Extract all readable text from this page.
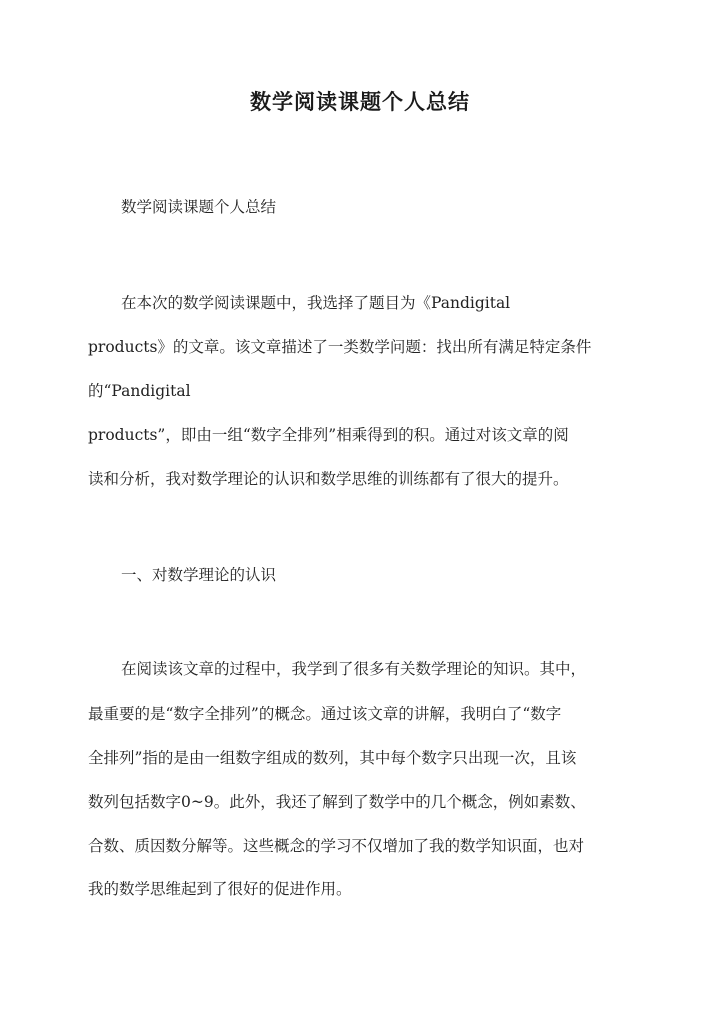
数学阅读课题个人总结
数学阅读课题个人总结
在本次的数学阅读课题中，我选择了题目为《Pandigital
products》的文章。该文章描述了一类数学问题：找出所有满足特定条件
的“Pandigital
products”，即由一组“数字全排列”相乘得到的积。通过对该文章的阅
读和分析，我对数学理论的认识和数学思维的训练都有了很大的提升。
一、对数学理论的认识
在阅读该文章的过程中，我学到了很多有关数学理论的知识。其中，
最重要的是“数字全排列”的概念。通过该文章的讲解，我明白了“数字
全排列”指的是由一组数字组成的数列，其中每个数字只出现一次，且该
数列包括数字0~9。此外，我还了解到了数学中的几个概念，例如素数、
合数、质因数分解等。这些概念的学习不仅增加了我的数学知识面，也对
我的数学思维起到了很好的促进作用。
